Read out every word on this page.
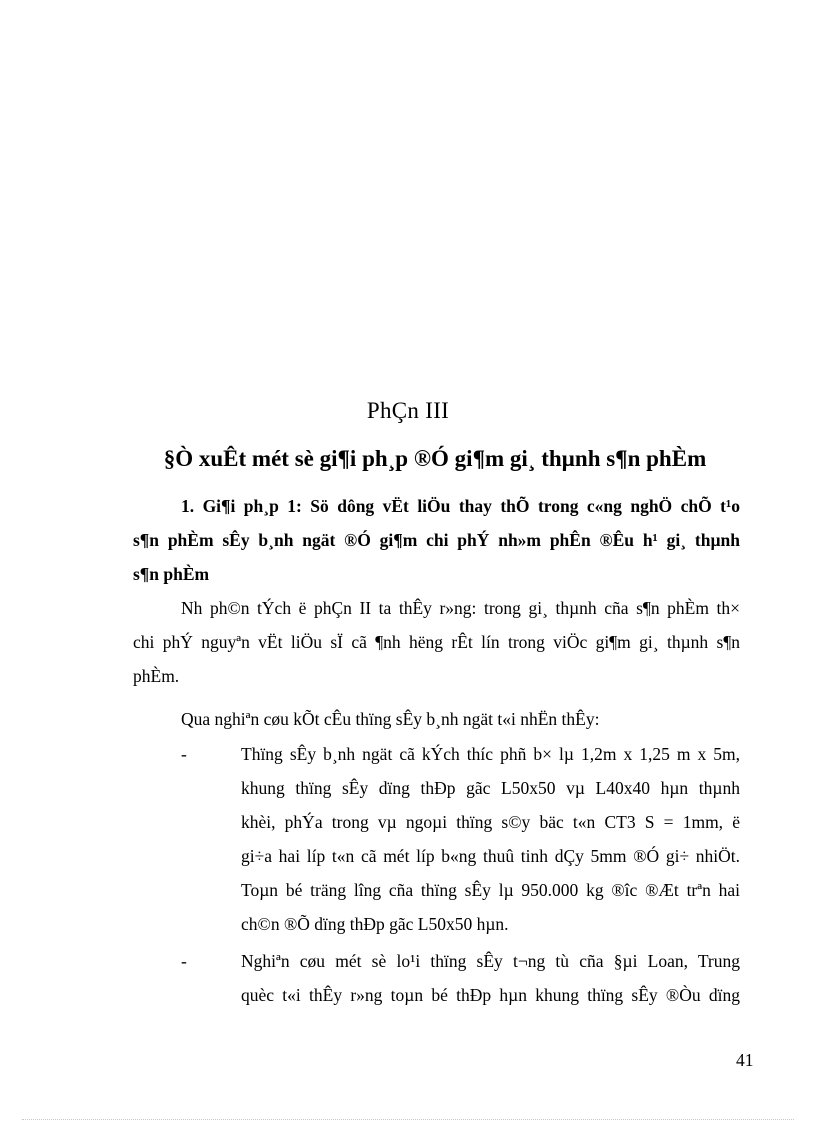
PhÇn III
§Ò xuÊt mét sè gi¶i ph¸p ®Ó gi¶m gi¸ thµnh s¶n phÈm
1. Gi¶i ph¸p 1: Sö dông vËt liÖu thay thÕ trong c«ng nghÖ chÕ t¹o
s¶n phÈm sÊy b¸nh ngät ®Ó gi¶m chi phÝ nh»m phÊn ®Êu h¹ gi¸ thµnh
s¶n phÈm
Nh ph©n tÝch ë phÇn II ta thÊy r»ng: trong gi¸ thµnh cña s¶n phÈm th×
chi phÝ nguyªn vËt liÖu sÏ cã ¶nh hëng rÊt lín trong viÖc gi¶m gi¸ thµnh s¶n
phÈm.
Qua nghiªn cøu kÕt cÊu thïng sÊy b¸nh ngät t«i nhËn thÊy:
-	Thïng sÊy b¸nh ngät cã kÝch thíc phñ b× lµ 1,2m x 1,25 m x 5m,
khung thïng sÊy dïng thÐp gãc L50x50 vµ L40x40 hµn thµnh
khèi, phÝa trong vµ ngoµi thïng s©y bäc t«n CT3 S = 1mm, ë
gi÷a hai líp t«n cã mét líp b«ng thuû tinh dÇy 5mm ®Ó gi÷ nhiÖt.
Toµn bé träng lîng cña thïng sÊy lµ 950.000 kg ®îc ®Æt trªn hai
ch©n ®Õ dïng thÐp gãc L50x50 hµn.
-	Nghiªn cøu mét sè lo¹i thïng sÊy t¬ng tù cña §µi Loan, Trung
quèc t«i thÊy r»ng toµn bé thÐp hµn khung thïng sÊy ®Òu dïng
41
